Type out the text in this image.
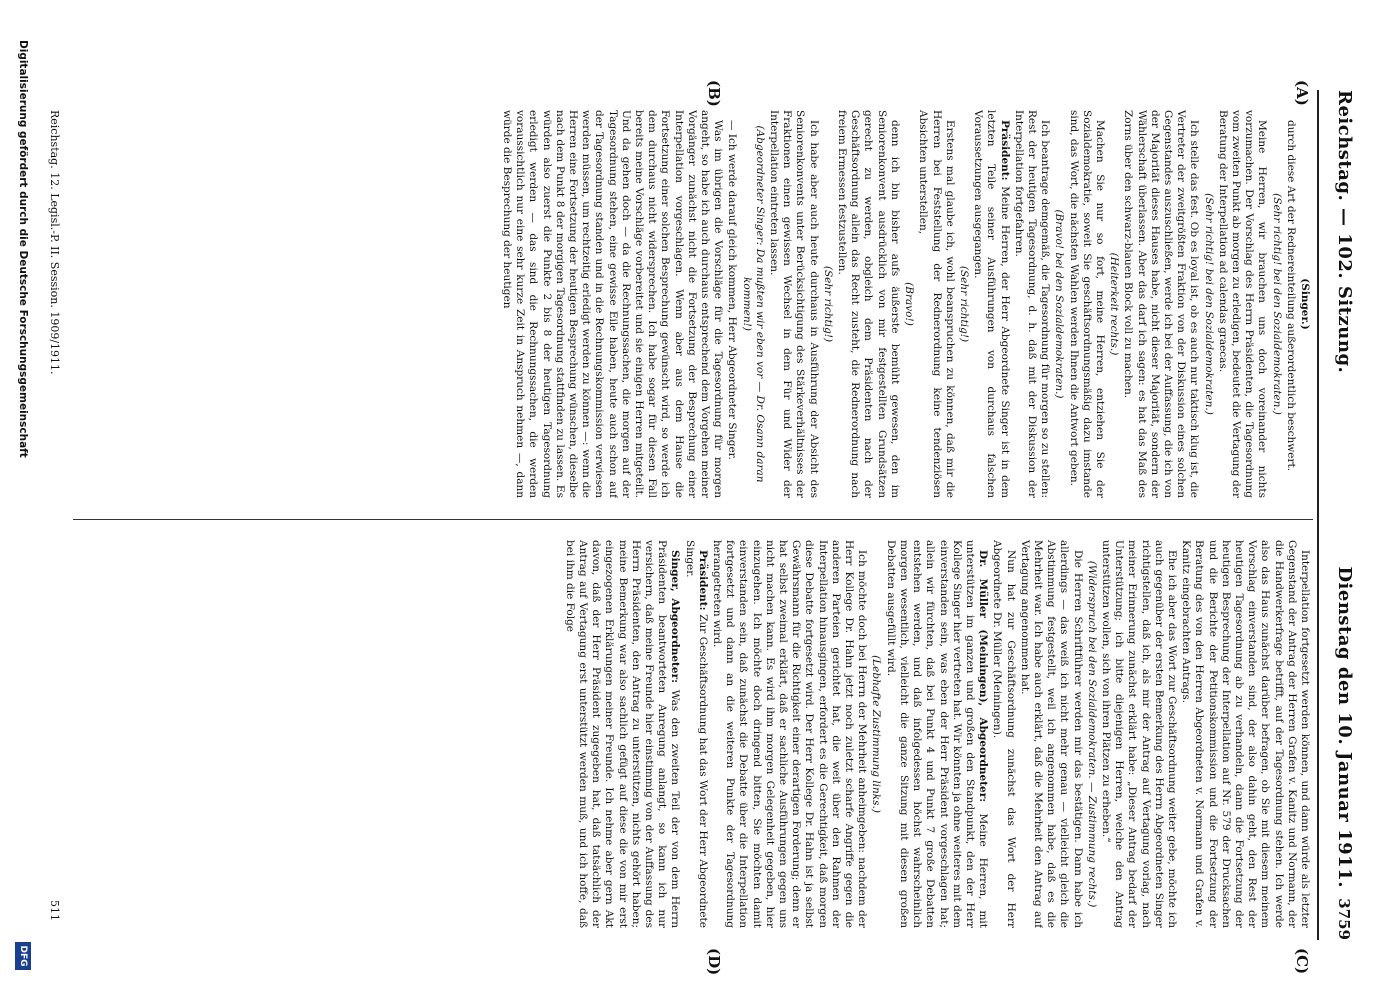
Reichstag. — 102. Sitzung.
Dienstag den 10. Januar 1911.
3759
(A)
(B)
(C)
(D)

(Singer.)

durch diese Art der Rednereinteilung außerordentlich beschwert.

(Sehr richtig! bei den Sozialdemokraten.)

Meine Herren, wir brauchen uns doch voreinander nichts vorzumachen. Der Vorschlag des Herrn Präsidenten, die Tagesordnung vom zweiten Punkt ab morgen zu erledigen, bedeutet die Vertagung der Beratung der Interpellation ad calendas graecas.

(Sehr richtig! bei den Sozialdemokraten.)

Ich stelle das fest. Ob es loyal ist, ob es auch nur taktisch klug ist, die Vertreter der zweitgrößten Fraktion von der Diskussion eines solchen Gegenstandes auszuschließen, werde ich bei der Auffassung, die ich von der Majorität dieses Hauses habe, nicht dieser Majorität, sondern der Wählerschaft überlassen. Aber das darf ich sagen: es hat das Maß des Zorns über den schwarz-blauen Block voll zu machen.

(Heiterkeit rechts.)

Machen Sie nur so fort, meine Herren, entziehen Sie der Sozialdemokratie, soweit Sie geschäftsordnungsmäßig dazu imstande sind, das Wort, die nächsten Wahlen werden Ihnen die Antwort geben.

(Bravo! bei den Sozialdemokraten.)

Ich beantrage demgemäß, die Tagesordnung für morgen so zu stellen: Rest der heutigen Tagesordnung, d. h. daß mit der Diskussion der Interpellation fortgefahren.

Präsident: Meine Herren, der Herr Abgeordnete Singer ist in dem letzten Teile seiner Ausführungen von durchaus falschen Voraussetzungen ausgegangen.

(Sehr richtig!)

Erstens mal glaube ich, wohl beanspruchen zu können, daß mir die Herren bei Feststellung der Rednerordnung keine tendenziösen Absichten unterstellen,

(Bravo!)

denn ich bin bisher aufs äußerste bemüht gewesen, den im Seniorenkonvent ausdrücklich von mir festgestellten Grundsätzen gerecht zu werden, obgleich dem Präsidenten nach der Geschäftsordnung allein das Recht zusteht, die Rednerordnung nach freiem Ermessen festzustellen.

(Sehr richtig!)

Ich habe aber auch heute durchaus in Ausführung der Absicht des Seniorenkonvents unter Berücksichtigung des Stärkeverhältnisses der Fraktionen einen gewissen Wechsel in dem Für und Wider der Interpellation eintreten lassen.

(Abgeordneter Singer: Da mußten wir eben vor — Dr. Osann daran kommen!)

— Ich werde darauf gleich kommen, Herr Abgeordneter Singer.

Was im übrigen die Vorschläge für die Tagesordnung für morgen angeht, so habe ich auch durchaus entsprechend dem Vorgehen meiner Vorgänger zunächst nicht die Fortsetzung der Besprechung einer Interpellation vorgeschlagen. Wenn aber aus dem Hause die Fortsetzung einer solchen Besprechung gewünscht wird, so werde ich dem durchaus nicht widersprechen. Ich habe sogar für diesen Fall bereits meine Vorschläge vorbereitet und sie einigen Herren mitgeteilt. Und da gehen doch — da die Rechnungssachen, die morgen auf der Tagesordnung stehen, eine gewisse Eile haben, heute auch schon auf der Tagesordnung standen und in die Rechnungskommission verwiesen werden müssen, um rechtzeitig erledigt werden zu können —: wenn die Herren eine Fortsetzung der heutigen Besprechung wünschen, dieselbe nach dem Punkt 8 der morgigen Tagesordnung stattfinden zu lassen. Es würden also zuerst die Punkte 2 bis 8 der heutigen Tagesordnung erledigt werden — das sind die Rechnungssachen, die werden voraussichtlich nur eine sehr kurze Zeit in Anspruch nehmen —, dann würde die Besprechung der heutigen

Interpellation fortgesetzt werden können, und dann würde als letzter Gegenstand der Antrag der Herren Grafen v. Kanitz und Normann, der die Handwerkerfrage betrifft, auf der Tagesordnung stehen. Ich werde also das Haus zunächst darüber befragen, ob Sie mit diesem meinem Vorschlag einverstanden sind, der also dahin geht, den Rest der heutigen Tagesordnung ab zu verhandeln, dann die Fortsetzung der heutigen Besprechung der Interpellation auf Nr. 579 der Drucksachen und die Berichte der Petitionskommission und die Fortsetzung der Beratung des von den Herren Abgeordneten v. Normann und Grafen v. Kanitz eingebrachten Antrags.

Ehe ich aber das Wort zur Geschäftsordnung weiter gebe, möchte ich auch gegenüber der ersten Bemerkung des Herrn Abgeordneten Singer richtigstellen, daß ich, als mir der Antrag auf Vertagung vorlag, nach meiner Erinnerung zunächst erklärt habe: „Dieser Antrag bedarf der Unterstützung; ich bitte diejenigen Herren, welche den Antrag unterstützen wollen, sich von ihren Plätzen zu erheben.“

(Widerspruch bei den Sozialdemokraten. — Zustimmung rechts.)

Die Herren Schriftführer werden mir das bestätigen. Dann habe ich allerdings — das weiß ich nicht mehr genau — vielleicht gleich die Abstimmung festgestellt, weil ich angenommen habe, daß es die Mehrheit war. Ich habe auch erklärt, daß die Mehrheit den Antrag auf Vertagung angenommen hat.

Nun hat zur Geschäftsordnung zunächst das Wort der Herr Abgeordnete Dr. Müller (Meiningen).

Dr. Müller (Meiningen), Abgeordneter: Meine Herren, mit unterstützen im ganzen und großen den Standpunkt, den der Herr Kollege Singer hier vertreten hat. Wir könnten ja ohne weiteres mit dem einverstanden sein, was eben der Herr Präsident vorgeschlagen hat; allein wir fürchten, daß bei Punkt 4 und Punkt 7 große Debatten entstehen werden, und daß infolgedessen höchst wahrscheinlich morgen wesentlich, vielleicht die ganze Sitzung mit diesen großen Debatten ausgefüllt wird.

(Lebhafte Zustimmung links.)

Ich möchte doch bei Herrn der Mehrheit anheimgeben: nachdem der Herr Kollege Dr. Hahn jetzt noch zuletzt scharfe Angriffe gegen die anderen Parteien gerichtet hat, die weit über den Rahmen der Interpellation hinausgingen, erfordert es die Gerechtigkeit, daß morgen diese Debatte fortgesetzt wird. Der Herr Kollege Dr. Hahn ist ja selbst Gewährsmann für die Richtigkeit einer derartigen Forderung; denn er hat selbst zweimal erklärt, daß er sachliche Ausführungen gegen uns nicht machen kann. Es wird ihm morgen Gelegenheit gegeben, hier einzugehen. Ich möchte doch dringend bitten, Sie möchten damit einverstanden sein, daß zunächst die Debatte über die Interpellation fortgesetzt und dann an die weiteren Punkte der Tagesordnung herangetreten wird.

Präsident: Zur Geschäftsordnung hat das Wort der Herr Abgeordnete Singer.

Singer, Abgeordneter: Was den zweiten Teil der von dem Herrn Präsidenten beantworteten Anregung anlangt, so kann ich nur versichern, daß meine Freunde hier einstimmig von der Auffassung des Herrn Präsidenten, den Antrag zu unterstützen, nichts gehört haben; meine Bemerkung war also sachlich gefügt auf diese die von mir erst eingezogenen Erklärungen meiner Freunde. Ich nehme aber gern Akt davon, daß der Herr Präsident zugegeben hat, daß tatsächlich der Antrag auf Vertagung erst unterstützt werden muß, und ich hoffe, daß bei ihm die Folge

Reichstag. 12. Legisl.-P. II. Session. 1909/1911.
511
Digitalisierung gefördert durch die Deutsche Forschungsgemeinschaft
DFG
